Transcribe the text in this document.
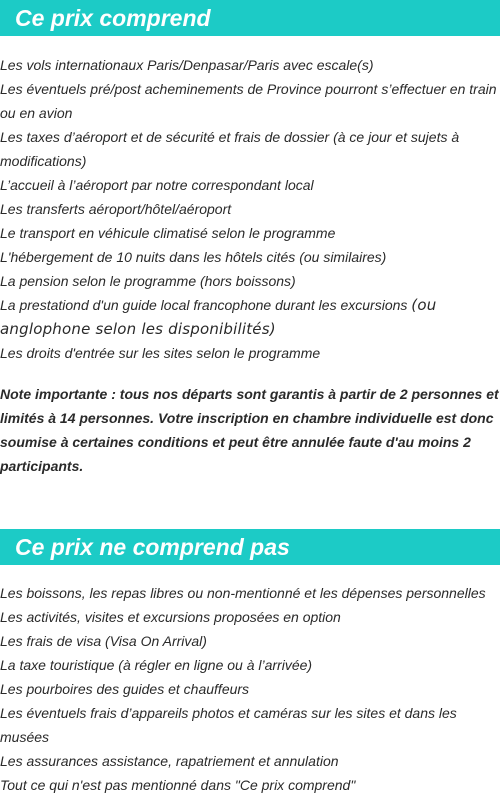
Ce prix comprend
Les vols internationaux Paris/Denpasar/Paris avec escale(s)
Les éventuels pré/post acheminements de Province pourront s’effectuer en train ou en avion
Les taxes d’aéroport et de sécurité et frais de dossier (à ce jour et sujets à modifications)
L’accueil à l’aéroport par notre correspondant local
Les transferts aéroport/hôtel/aéroport
Le transport en véhicule climatisé selon le programme
L'hébergement de 10 nuits dans les hôtels cités (ou similaires)
La pension selon le programme (hors boissons)
La prestationd d'un guide local francophone durant les excursions (ou anglophone selon les disponibilités)
Les droits d'entrée sur les sites selon le programme

Note importante : tous nos départs sont garantis à partir de 2 personnes et limités à 14 personnes. Votre inscription en chambre individuelle est donc soumise à certaines conditions et peut être annulée faute d'au moins 2 participants.

Ce prix ne comprend pas
Les boissons, les repas libres ou non-mentionné et les dépenses personnelles
Les activités, visites et excursions proposées en option
Les frais de visa (Visa On Arrival)
La taxe touristique (à régler en ligne ou à l’arrivée)
Les pourboires des guides et chauffeurs
Les éventuels frais d’appareils photos et caméras sur les sites et dans les musées
Les assurances assistance, rapatriement et annulation
Tout ce qui n'est pas mentionné dans "Ce prix comprend"
